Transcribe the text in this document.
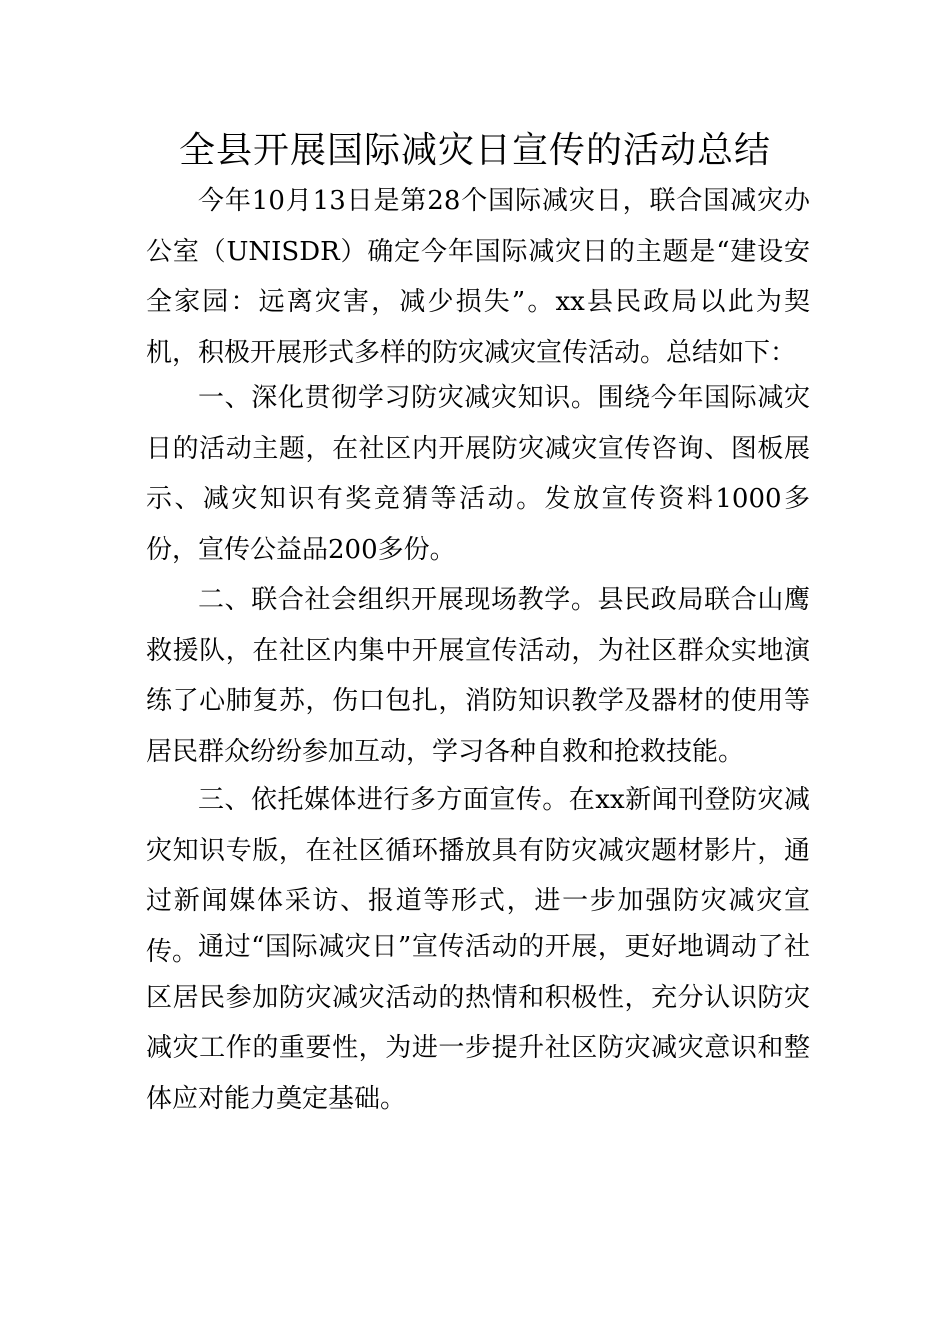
全县开展国际减灾日宣传的活动总结

今年10月13日是第28个国际减灾日，联合国减灾办公室（UNISDR）确定今年国际减灾日的主题是“建设安全家园：远离灾害，减少损失”。xx县民政局以此为契机，积极开展形式多样的防灾减灾宣传活动。总结如下：

一、深化贯彻学习防灾减灾知识。围绕今年国际减灾日的活动主题，在社区内开展防灾减灾宣传咨询、图板展示、减灾知识有奖竞猜等活动。发放宣传资料1000多份，宣传公益品200多份。

二、联合社会组织开展现场教学。县民政局联合山鹰救援队，在社区内集中开展宣传活动，为社区群众实地演练了心肺复苏，伤口包扎，消防知识教学及器材的使用等居民群众纷纷参加互动，学习各种自救和抢救技能。

三、依托媒体进行多方面宣传。在xx新闻刊登防灾减灾知识专版，在社区循环播放具有防灾减灾题材影片，通过新闻媒体采访、报道等形式，进一步加强防灾减灾宣传。 通过“国际减灾日”宣传活动的开展，更好地调动了社区居民参加防灾减灾活动的热情和积极性，充分认识防灾减灾工作的重要性，为进一步提升社区防灾减灾意识和整体应对能力奠定基础。
